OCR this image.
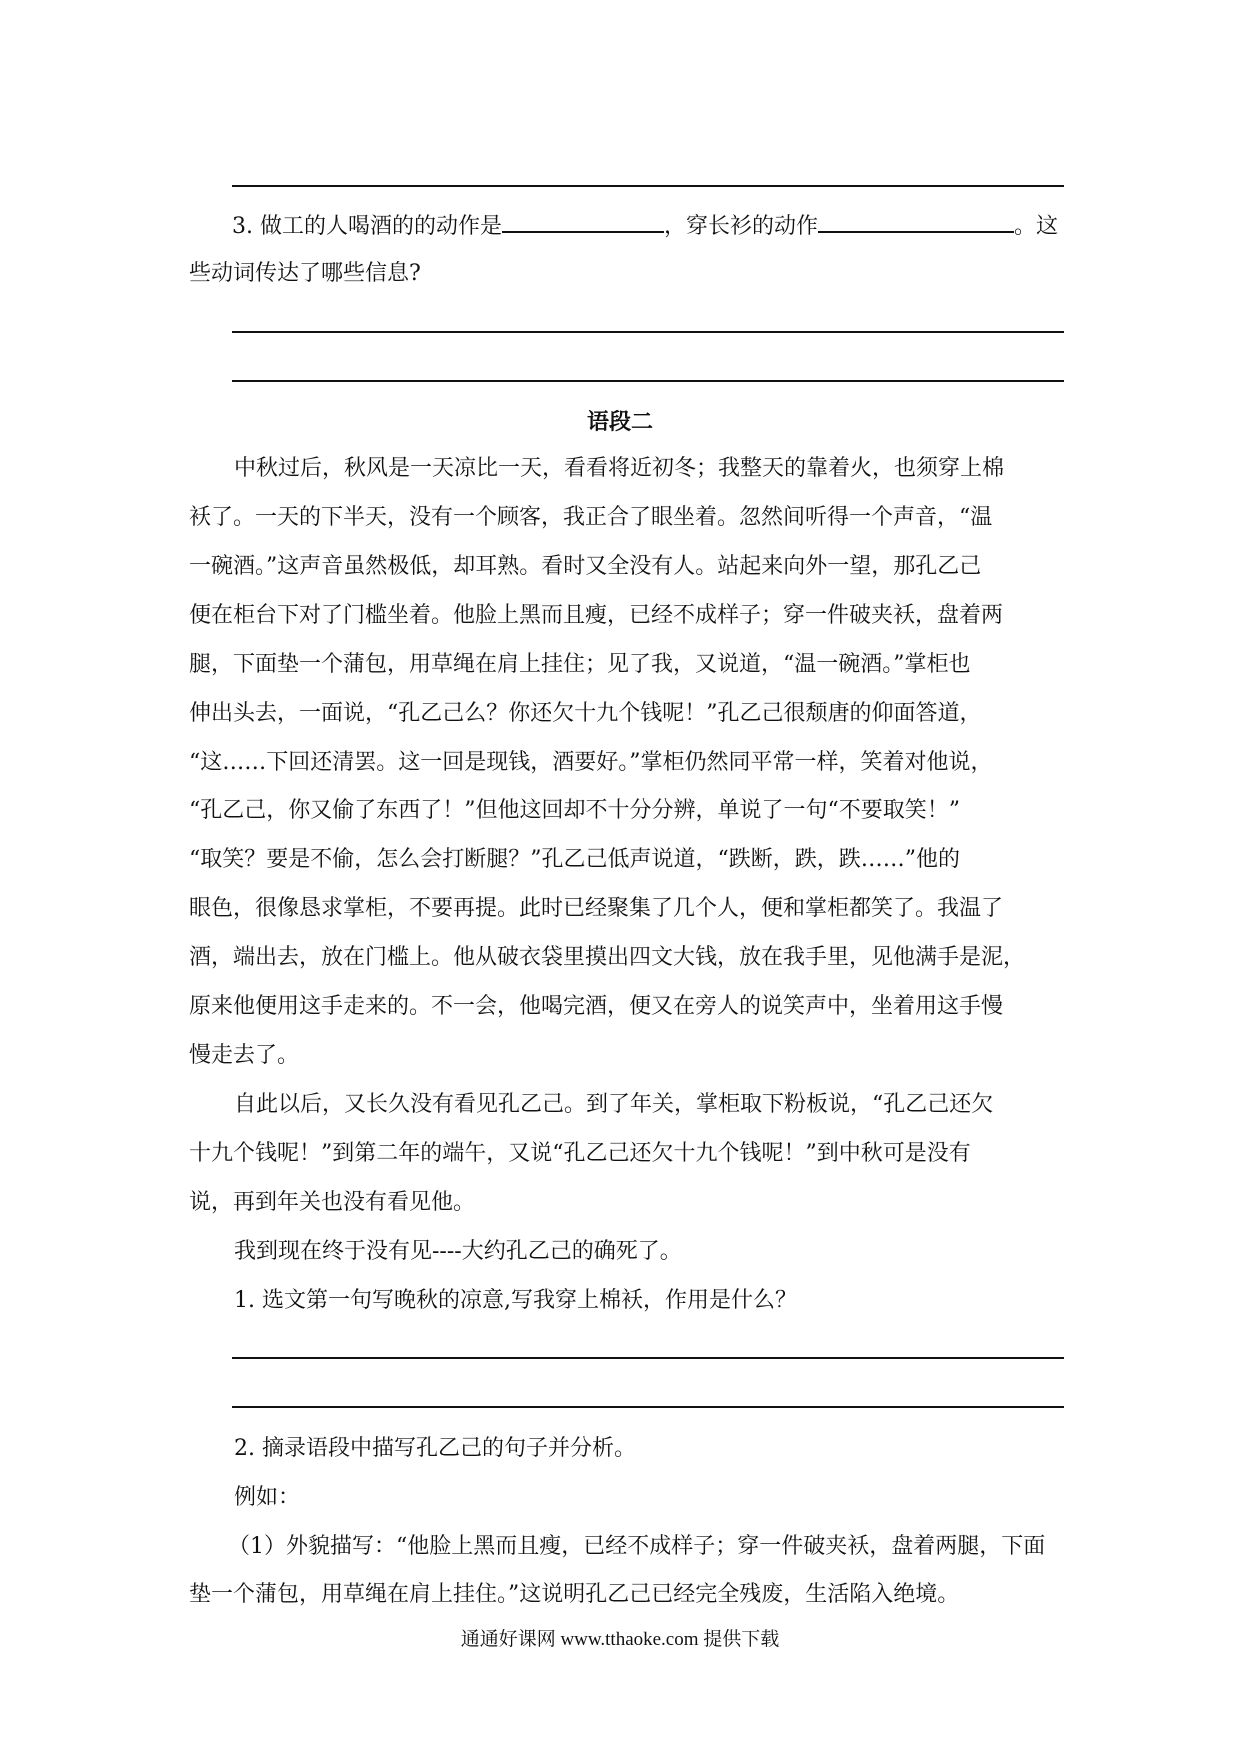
3. 做工的人喝酒的的动作是	，穿长衫的动作	。这
些动词传达了哪些信息?
语段二
中秋过后，秋风是一天凉比一天，看看将近初冬；我整天的靠着火，也须穿上棉
袄了。一天的下半天，没有一个顾客，我正合了眼坐着。忽然间听得一个声音，“温
一碗酒。”这声音虽然极低，却耳熟。看时又全没有人。站起来向外一望，那孔乙己
便在柜台下对了门槛坐着。他脸上黑而且瘦，已经不成样子；穿一件破夹袄，盘着两
腿，下面垫一个蒲包，用草绳在肩上挂住；见了我，又说道，“温一碗酒。”掌柜也
伸出头去，一面说，“孔乙己么？你还欠十九个钱呢！”孔乙己很颓唐的仰面答道，
“这……下回还清罢。这一回是现钱，酒要好。”掌柜仍然同平常一样，笑着对他说，
“孔乙己，你又偷了东西了！”但他这回却不十分分辨，单说了一句“不要取笑！”
“取笑？要是不偷，怎么会打断腿？”孔乙己低声说道，“跌断，跌，跌……”他的
眼色，很像恳求掌柜，不要再提。此时已经聚集了几个人，便和掌柜都笑了。我温了
酒，端出去，放在门槛上。他从破衣袋里摸出四文大钱，放在我手里，见他满手是泥，
原来他便用这手走来的。不一会，他喝完酒，便又在旁人的说笑声中，坐着用这手慢
慢走去了。
自此以后，又长久没有看见孔乙己。到了年关，掌柜取下粉板说，“孔乙己还欠
十九个钱呢！”到第二年的端午，又说“孔乙己还欠十九个钱呢！”到中秋可是没有
说，再到年关也没有看见他。
我到现在终于没有见----大约孔乙己的确死了。
1. 选文第一句写晚秋的凉意,写我穿上棉袄，作用是什么？
2. 摘录语段中描写孔乙己的句子并分析。
例如：
（1）外貌描写：“他脸上黑而且瘦，已经不成样子；穿一件破夹袄，盘着两腿，下面
垫一个蒲包，用草绳在肩上挂住。”这说明孔乙己已经完全残废，生活陷入绝境。
通通好课网 www.tthaoke.com 提供下载
